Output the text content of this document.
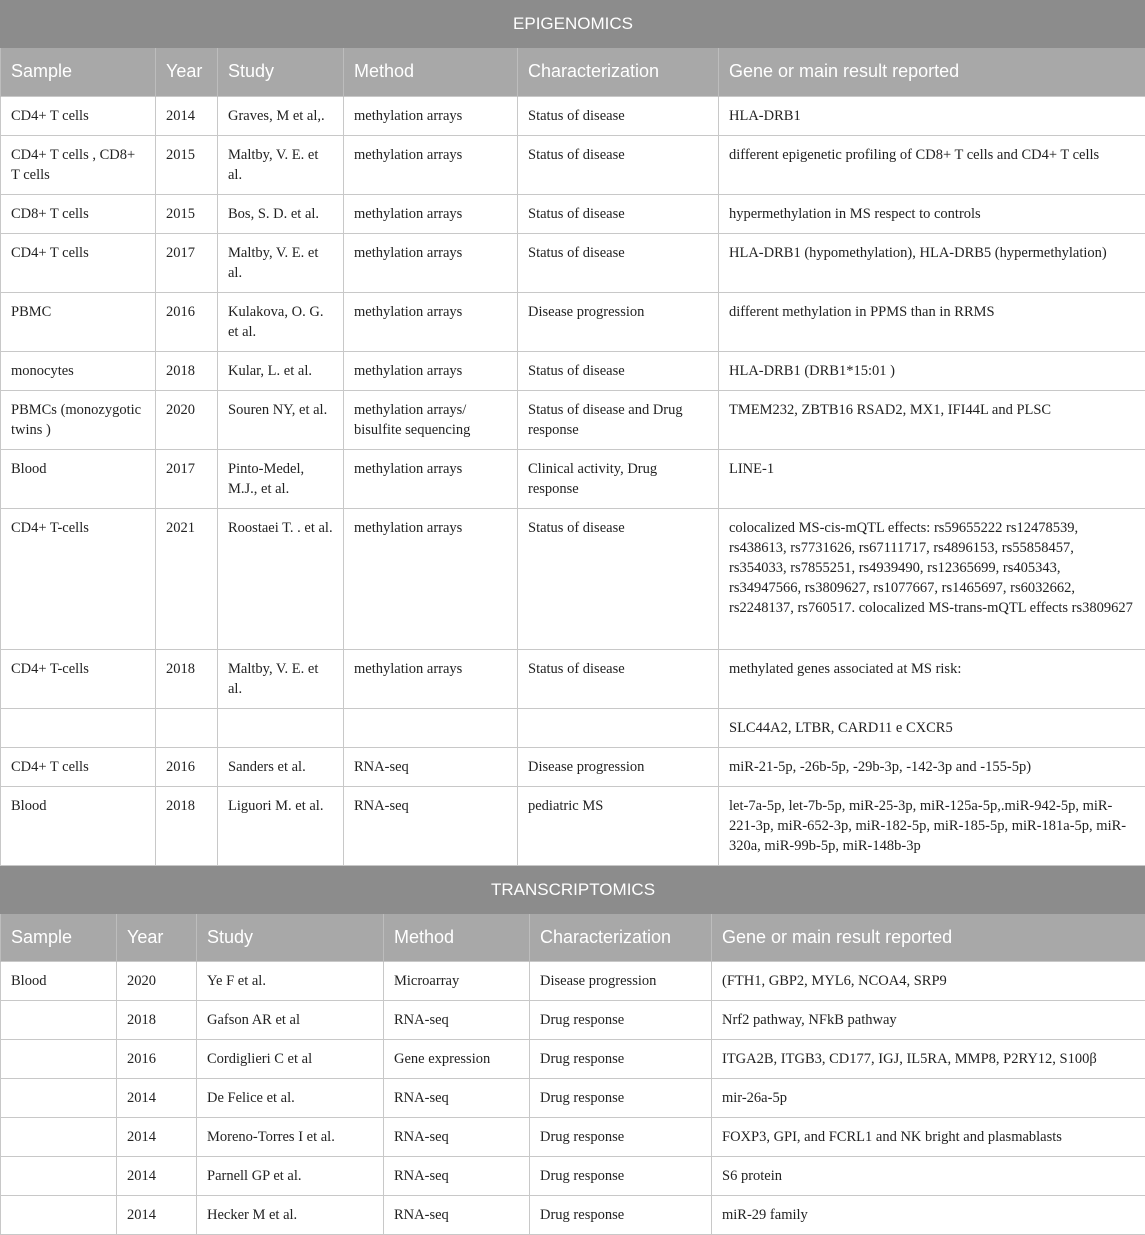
EPIGENOMICS					
Sample	Year	Study	Method	Characterization	Gene or main result reported
CD4+ T cells	2014	Graves, M et al,.	methylation arrays	Status of disease	HLA-DRB1
CD4+ T cells , CD8+ T cells	2015	Maltby, V. E. et al.	methylation arrays	Status of disease	different epigenetic profiling of CD8+ T cells and CD4+ T cells
CD8+ T cells	2015	Bos, S. D. et al.	methylation arrays	Status of disease	hypermethylation in MS respect to controls
CD4+ T cells	2017	Maltby, V. E. et al.	methylation arrays	Status of disease	HLA-DRB1 (hypomethylation), HLA-DRB5 (hypermethylation)
PBMC	2016	Kulakova, O. G. et al.	methylation arrays	Disease progression	different methylation in PPMS than in RRMS
monocytes	2018	Kular, L. et al.	methylation arrays	Status of disease	HLA-DRB1 (DRB1*15:01 )
PBMCs (monozygotic twins )	2020	Souren NY, et al.	methylation arrays/ bisulfite sequencing	Status of disease and Drug response	TMEM232, ZBTB16 RSAD2, MX1, IFI44L and PLSC
Blood	2017	Pinto-Medel, M.J., et al.	methylation arrays	Clinical activity, Drug response	LINE-1
CD4+ T-cells	2021	Roostaei T. . et al.	methylation arrays	Status of disease	colocalized MS-cis-mQTL effects: rs59655222 rs12478539, rs438613, rs7731626, rs67111717, rs4896153, rs55858457, rs354033, rs7855251, rs4939490, rs12365699, rs405343, rs34947566, rs3809627, rs1077667, rs1465697, rs6032662, rs2248137, rs760517. colocalized MS-trans-mQTL effects rs3809627
CD4+ T-cells	2018	Maltby, V. E. et al.	methylation arrays	Status of disease	methylated genes associated at MS risk:
					SLC44A2, LTBR, CARD11 e CXCR5
CD4+ T cells	2016	Sanders et al.	RNA-seq	Disease progression	miR-21-5p, -26b-5p, -29b-3p, -142-3p and -155-5p)
Blood	2018	Liguori M. et al.	RNA-seq	pediatric MS	let-7a-5p, let-7b-5p, miR-25-3p, miR-125a-5p,.miR-942-5p, miR-221-3p, miR-652-3p, miR-182-5p, miR-185-5p, miR-181a-5p, miR-320a, miR-99b-5p, miR-148b-3p
TRANSCRIPTOMICS					
Sample	Year	Study	Method	Characterization	Gene or main result reported
Blood	2020	Ye F et al.	Microarray	Disease progression	(FTH1, GBP2, MYL6, NCOA4, SRP9
	2018	Gafson AR et al	RNA-seq	Drug response	Nrf2 pathway, NFkB pathway
	2016	Cordiglieri C et al	Gene expression	Drug response	ITGA2B, ITGB3, CD177, IGJ, IL5RA, MMP8, P2RY12, S100β
	2014	De Felice et al.	RNA-seq	Drug response	mir-26a-5p
	2014	Moreno-Torres I et al.	RNA-seq	Drug response	FOXP3, GPI, and FCRL1 and NK bright and plasmablasts
	2014	Parnell GP et al.	RNA-seq	Drug response	S6 protein
	2014	Hecker M et al.	RNA-seq	Drug response	miR-29 family
